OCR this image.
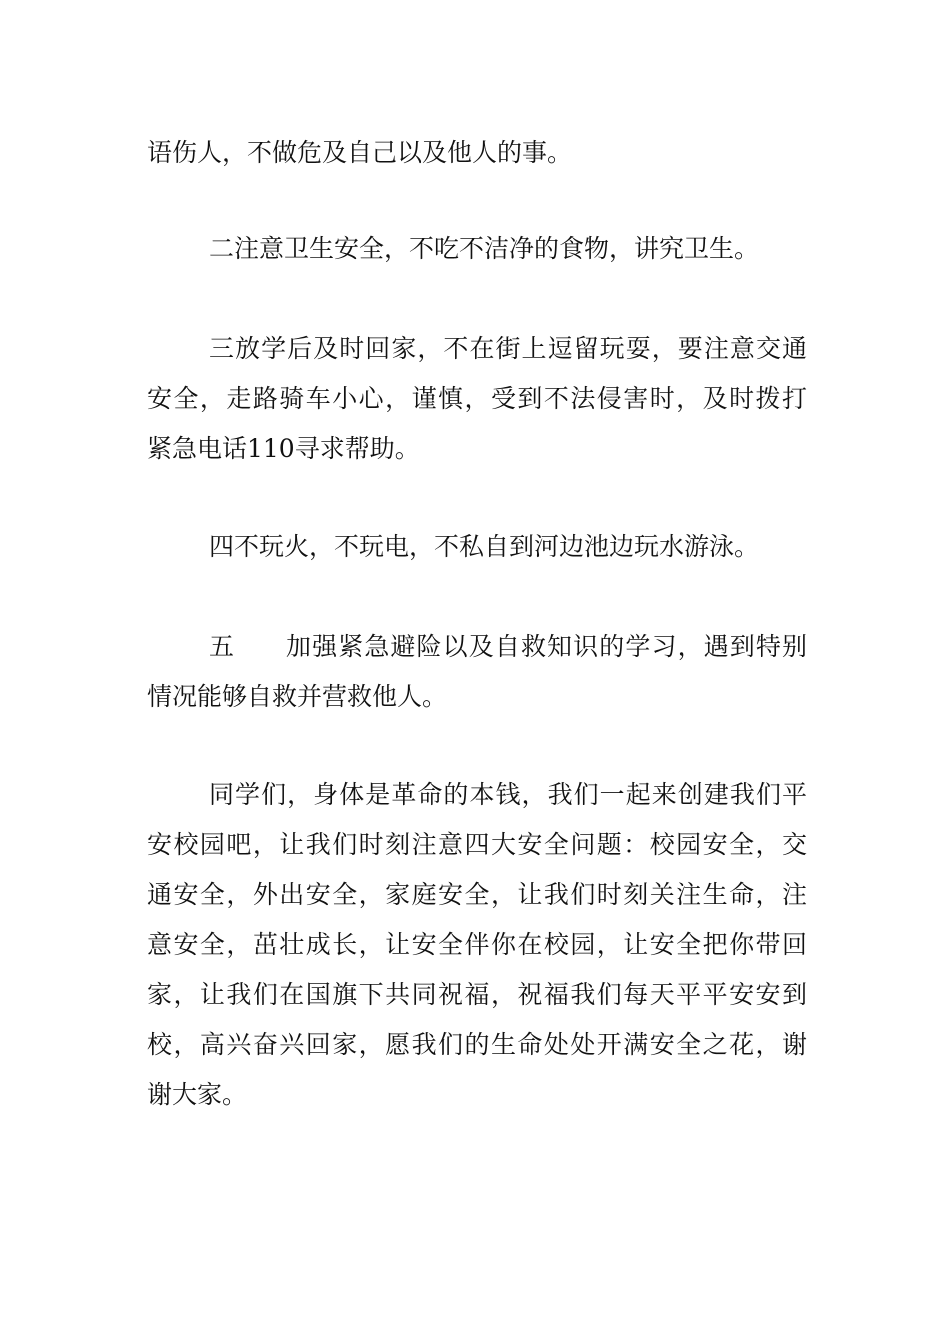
语伤人，不做危及自己以及他人的事。
二注意卫生安全，不吃不洁净的食物，讲究卫生。
三放学后及时回家，不在街上逗留玩耍，要注意交通
安全，走路骑车小心，谨慎，受到不法侵害时，及时拨打
紧急电话110寻求帮助。
四不玩火，不玩电，不私自到河边池边玩水游泳。
五 加强紧急避险以及自救知识的学习，遇到特别
情况能够自救并营救他人。
同学们，身体是革命的本钱，我们一起来创建我们平
安校园吧，让我们时刻注意四大安全问题：校园安全，交
通安全，外出安全，家庭安全，让我们时刻关注生命，注
意安全，茁壮成长，让安全伴你在校园，让安全把你带回
家，让我们在国旗下共同祝福，祝福我们每天平平安安到
校，高兴奋兴回家，愿我们的生命处处开满安全之花，谢
谢大家。
